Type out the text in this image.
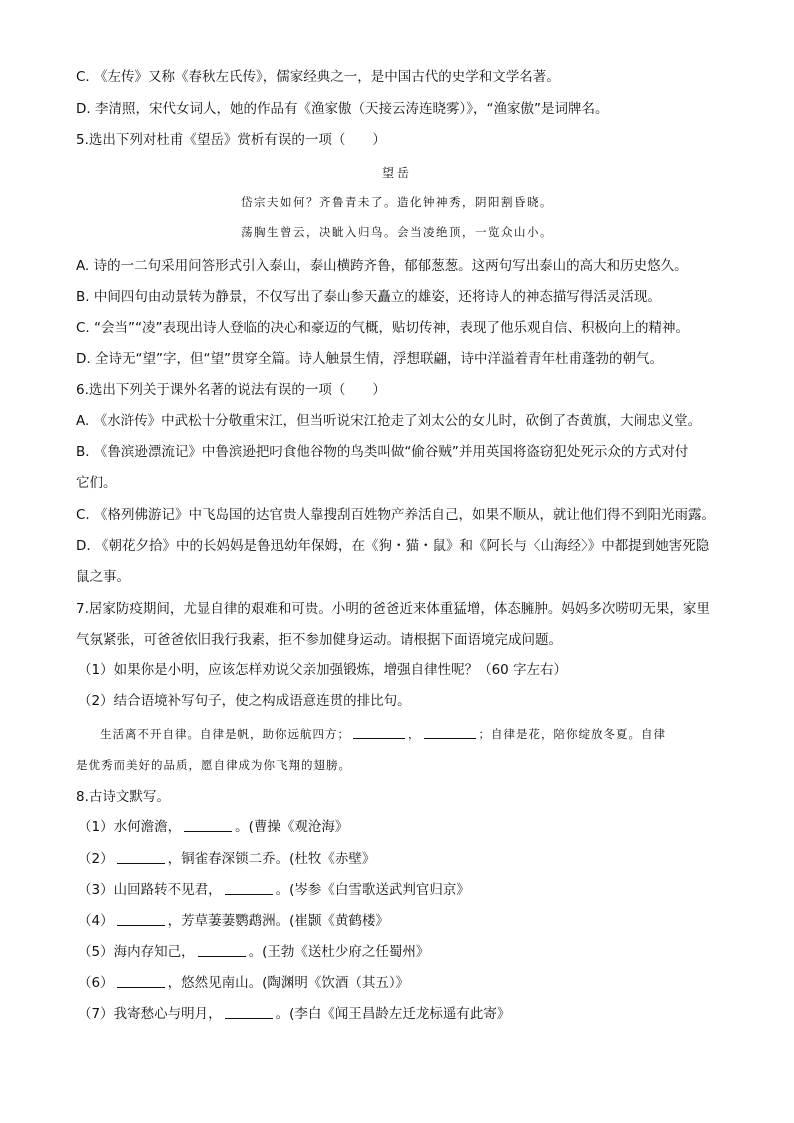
C. 《左传》又称《春秋左氏传》，儒家经典之一，是中国古代的史学和文学名著。
D. 李清照，宋代女词人，她的作品有《渔家傲（天接云涛连晓雾）》，“渔家傲”是词牌名。
5.选出下列对杜甫《望岳》赏析有误的一项（　　）
望岳
岱宗夫如何？齐鲁青未了。造化钟神秀，阴阳割昏晓。
荡胸生曾云，决眦入归鸟。会当凌绝顶，一览众山小。
A. 诗的一二句采用问答形式引入泰山，泰山横跨齐鲁，郁郁葱葱。这两句写出泰山的高大和历史悠久。
B. 中间四句由动景转为静景，不仅写出了泰山参天矗立的雄姿，还将诗人的神态描写得活灵活现。
C. “会当”“凌”表现出诗人登临的决心和豪迈的气概，贴切传神，表现了他乐观自信、积极向上的精神。
D. 全诗无“望”字，但“望”贯穿全篇。诗人触景生情，浮想联翩，诗中洋溢着青年杜甫蓬勃的朝气。
6.选出下列关于课外名著的说法有误的一项（　　）
A. 《水浒传》中武松十分敬重宋江，但当听说宋江抢走了刘太公的女儿时，砍倒了杏黄旗，大闹忠义堂。
B. 《鲁滨逊漂流记》中鲁滨逊把叼食他谷物的鸟类叫做“偷谷贼”并用英国将盗窃犯处死示众的方式对付
它们。
C. 《格列佛游记》中飞岛国的达官贵人靠搜刮百姓物产养活自己，如果不顺从，就让他们得不到阳光雨露。
D. 《朝花夕拾》中的长妈妈是鲁迅幼年保姆，在《狗・猫・鼠》和《阿长与〈山海经〉》中都提到她害死隐
鼠之事。
7.居家防疫期间，尤显自律的艰难和可贵。小明的爸爸近来体重猛增，体态臃肿。妈妈多次唠叨无果，家里
气氛紧张，可爸爸依旧我行我素，拒不参加健身运动。请根据下面语境完成问题。
（1）如果你是小明，应该怎样劝说父亲加强锻炼，增强自律性呢？（60 字左右）
（2）结合语境补写句子，使之构成语意连贯的排比句。
生活离不开自律。自律是帆，助你远航四方；	，	；自律是花，陪你绽放冬夏。自律
是优秀而美好的品质，愿自律成为你飞翔的翅膀。
8.古诗文默写。
（1）水何澹澹，	。(曹操《观沧海》
（2）	，铜雀春深锁二乔。(杜牧《赤壁》
（3）山回路转不见君，	。(岑参《白雪歌送武判官归京》
（4）	，芳草萋萋鹦鹉洲。(崔颢《黄鹤楼》
（5）海内存知己，	。(王勃《送杜少府之任蜀州》
（6）	，悠然见南山。(陶渊明《饮酒（其五）》
（7）我寄愁心与明月，	。(李白《闻王昌龄左迁龙标遥有此寄》
